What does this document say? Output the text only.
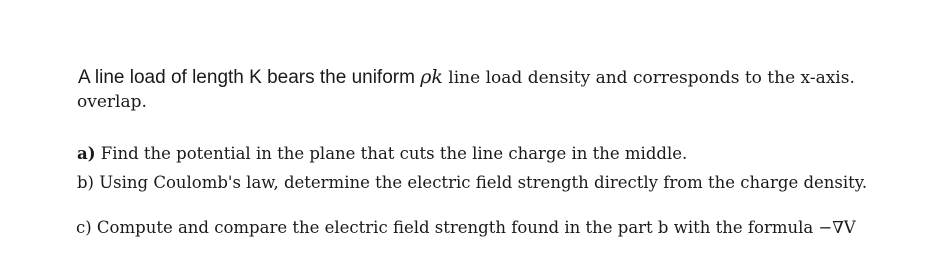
A line load of length K bears the uniform ρk line load density and corresponds to the x-axis.
overlap.
a) Find the potential in the plane that cuts the line charge in the middle.
b) Using Coulomb's law, determine the electric field strength directly from the charge density.
c) Compute and compare the electric field strength found in the part b with the formula −∇V
